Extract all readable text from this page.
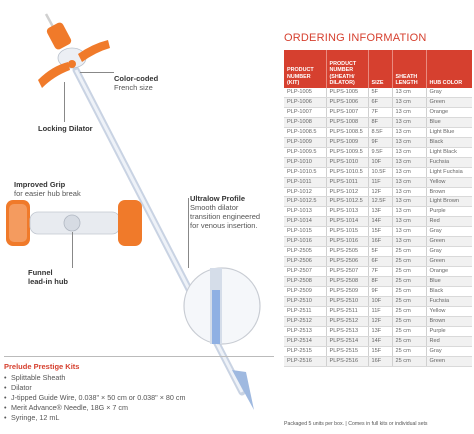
Color-coded
French size
Locking Dilator
Improved Grip
for easier hub break
Ultralow Profile
Smooth dilator
transition engineered
for venous insertion.
Funnel
lead-in hub
Prelude Prestige Kits
• Splittable Sheath
• Dilator
• J-tipped Guide Wire, 0.038" × 50 cm or 0.038" × 80 cm
• Merit Advance® Needle, 18G × 7 cm
• Syringe, 12 mL
ORDERING INFORMATION
PRODUCT NUMBER (KIT)	PRODUCT NUMBER (SHEATH/ DILATOR)	SIZE	SHEATH LENGTH	HUB COLOR
PLP-1005	PLPS-1005	5F	13 cm	Gray
PLP-1006	PLPS-1006	6F	13 cm	Green
PLP-1007	PLPS-1007	7F	13 cm	Orange
PLP-1008	PLPS-1008	8F	13 cm	Blue
PLP-1008.5	PLPS-1008.5	8.5F	13 cm	Light Blue
PLP-1009	PLPS-1009	9F	13 cm	Black
PLP-1009.5	PLPS-1009.5	9.5F	13 cm	Light Black
PLP-1010	PLPS-1010	10F	13 cm	Fuchsia
PLP-1010.5	PLPS-1010.5	10.5F	13 cm	Light Fuchsia
PLP-1011	PLPS-1011	11F	13 cm	Yellow
PLP-1012	PLPS-1012	12F	13 cm	Brown
PLP-1012.5	PLPS-1012.5	12.5F	13 cm	Light Brown
PLP-1013	PLPS-1013	13F	13 cm	Purple
PLP-1014	PLPS-1014	14F	13 cm	Red
PLP-1015	PLPS-1015	15F	13 cm	Gray
PLP-1016	PLPS-1016	16F	13 cm	Green
PLP-2505	PLPS-2505	5F	25 cm	Gray
PLP-2506	PLPS-2506	6F	25 cm	Green
PLP-2507	PLPS-2507	7F	25 cm	Orange
PLP-2508	PLPS-2508	8F	25 cm	Blue
PLP-2509	PLPS-2509	9F	25 cm	Black
PLP-2510	PLPS-2510	10F	25 cm	Fuchsia
PLP-2511	PLPS-2511	11F	25 cm	Yellow
PLP-2512	PLPS-2512	12F	25 cm	Brown
PLP-2513	PLPS-2513	13F	25 cm	Purple
PLP-2514	PLPS-2514	14F	25 cm	Red
PLP-2515	PLPS-2515	15F	25 cm	Gray
PLP-2516	PLPS-2516	16F	25 cm	Green
Packaged 5 units per box. | Comes in full kits or individual sets
